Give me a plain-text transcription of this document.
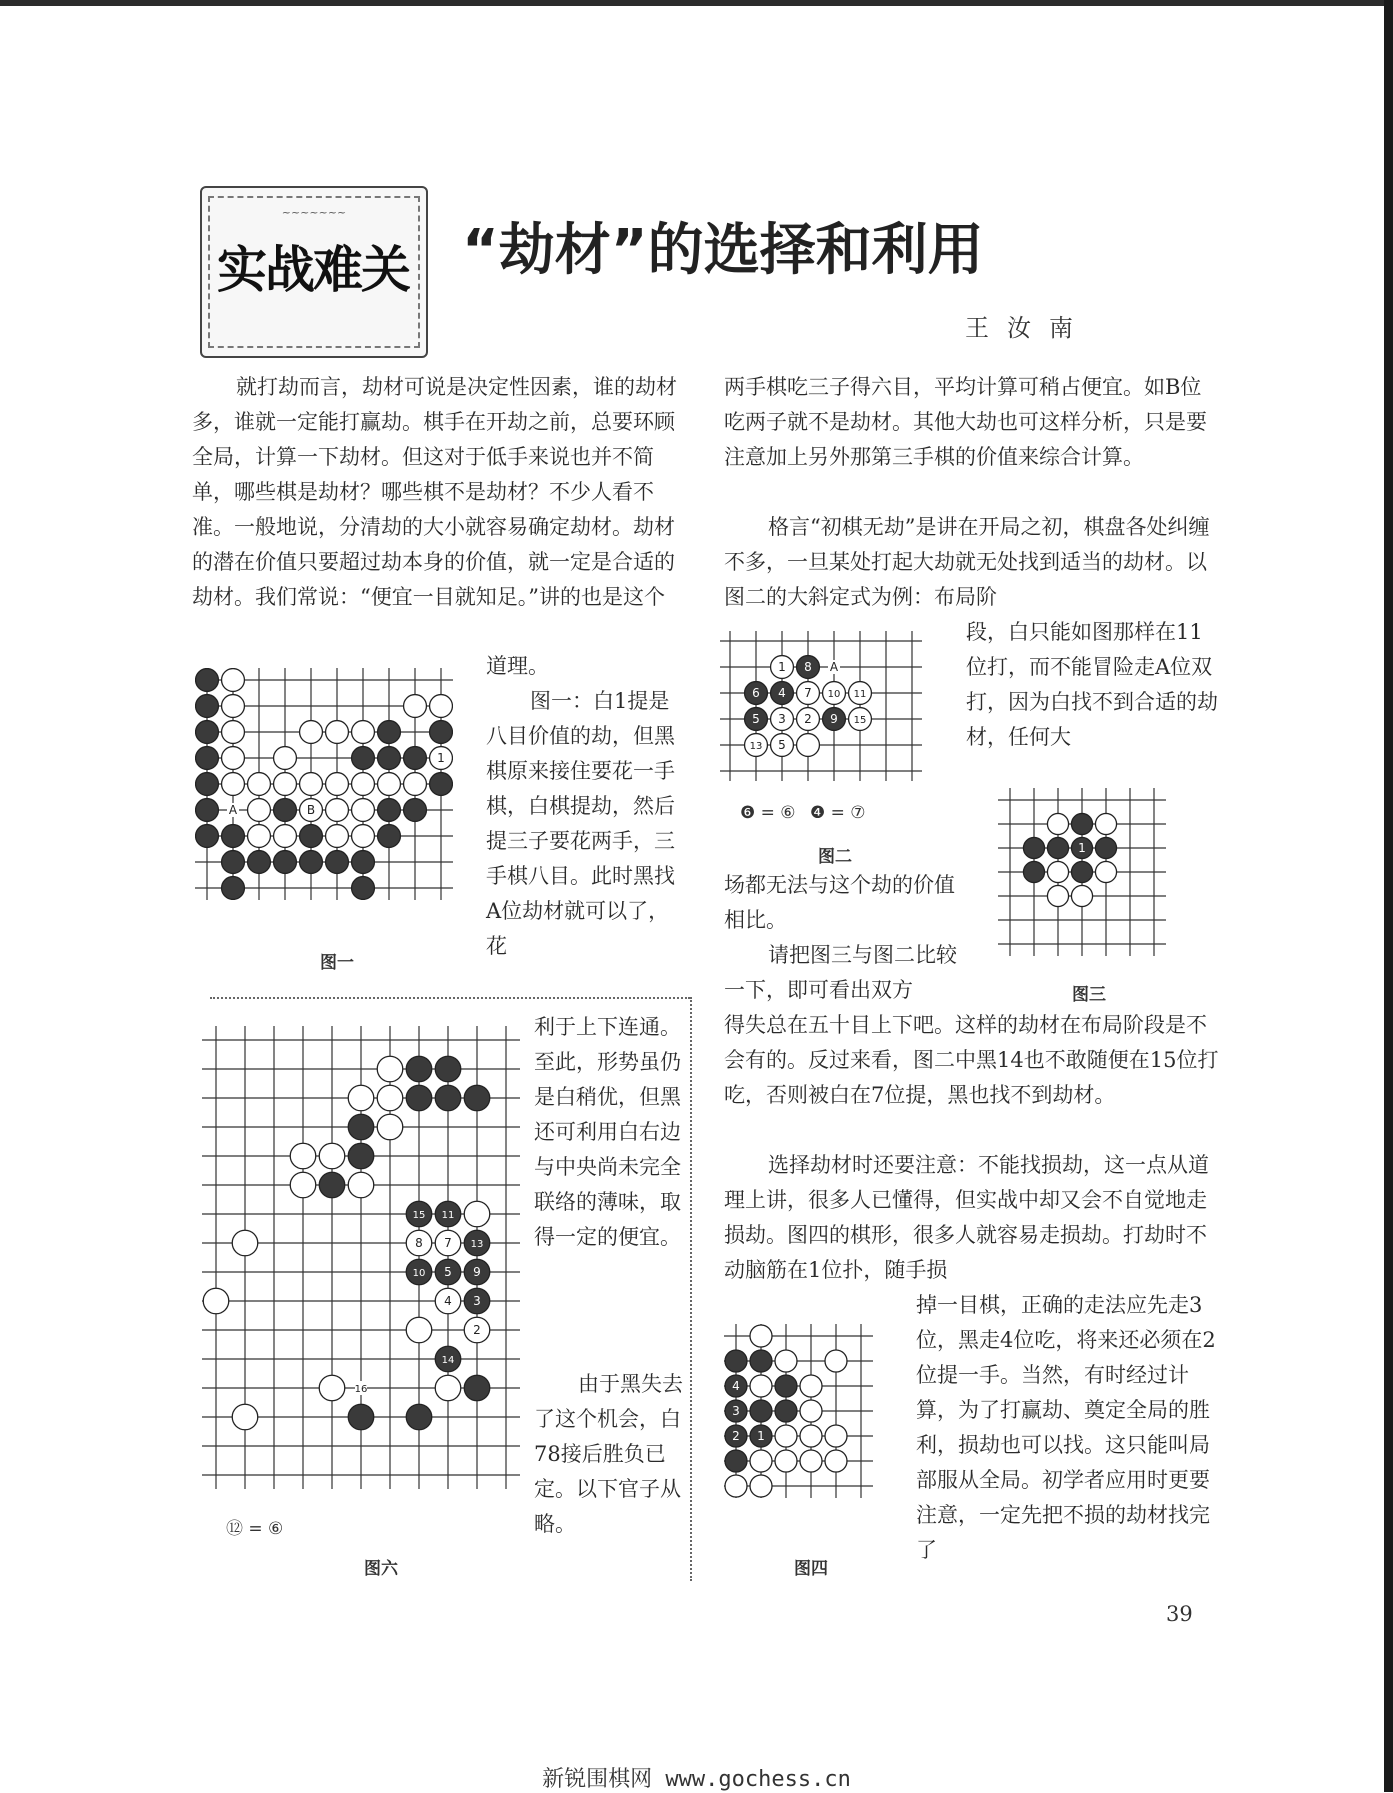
~~~~~~~
实战难关 “劫材”的选择和利用
王汝南

就打劫而言，劫材可说是决定性因素，谁的劫材多，谁就一定能打赢劫。棋手在开劫之前，总要环顾全局，计算一下劫材。但这对于低手来说也并不简单，哪些棋是劫材？哪些棋不是劫材？不少人看不准。一般地说，分清劫的大小就容易确定劫材。劫材的潜在价值只要超过劫本身的价值，就一定是合适的劫材。我们常说：“便宜一目就知足。”讲的也是这个

道理。

图一：白1提是八目价值的劫，但黑棋原来接住要花一手棋，白棋提劫，然后提三子要花两手，三手棋八目。此时黑找A位劫材就可以了，花

1
A	B
图一
15 11
8 7 13
10 5 9
4 3
2
14
16
⑫ = ⑥
图六

利于上下连通。至此，形势虽仍是白稍优，但黑还可利用白右边与中央尚未完全联络的薄味，取得一定的便宜。

由于黑失去了这个机会，白78接后胜负已定。以下官子从略。

两手棋吃三子得六目，平均计算可稍占便宜。如B位吃两子就不是劫材。其他大劫也可这样分析，只是要注意加上另外那第三手棋的价值来综合计算。

格言“初棋无劫”是讲在开局之初，棋盘各处纠缠不多，一旦某处打起大劫就无处找到适当的劫材。以图二的大斜定式为例：布局阶

段，白只能如图那样在11位打，而不能冒险走A位双打，因为白找不到合适的劫材，任何大

1 8 A
6 4 7 10 11
5 3 2 9 15
13 5
❻ = ⑥ ❹ = ⑦
图二

场都无法与这个劫的价值相比。

请把图三与图二比较一下，即可看出双方

1
图三

得失总在五十目上下吧。这样的劫材在布局阶段是不会有的。反过来看，图二中黑14也不敢随便在15位打吃，否则被白在7位提，黑也找不到劫材。

选择劫材时还要注意：不能找损劫，这一点从道理上讲，很多人已懂得，但实战中却又会不自觉地走损劫。图四的棋形，很多人就容易走损劫。打劫时不动脑筋在1位扑，随手损

3
2 1
4
图四

掉一目棋，正确的走法应先走3位，黑走4位吃，将来还必须在2位提一手。当然，有时经过计算，为了打赢劫、奠定全局的胜利，损劫也可以找。这只能叫局部服从全局。初学者应用时更要注意，一定先把不损的劫材找完了

39
新锐围棋网 www.gochess.cn
